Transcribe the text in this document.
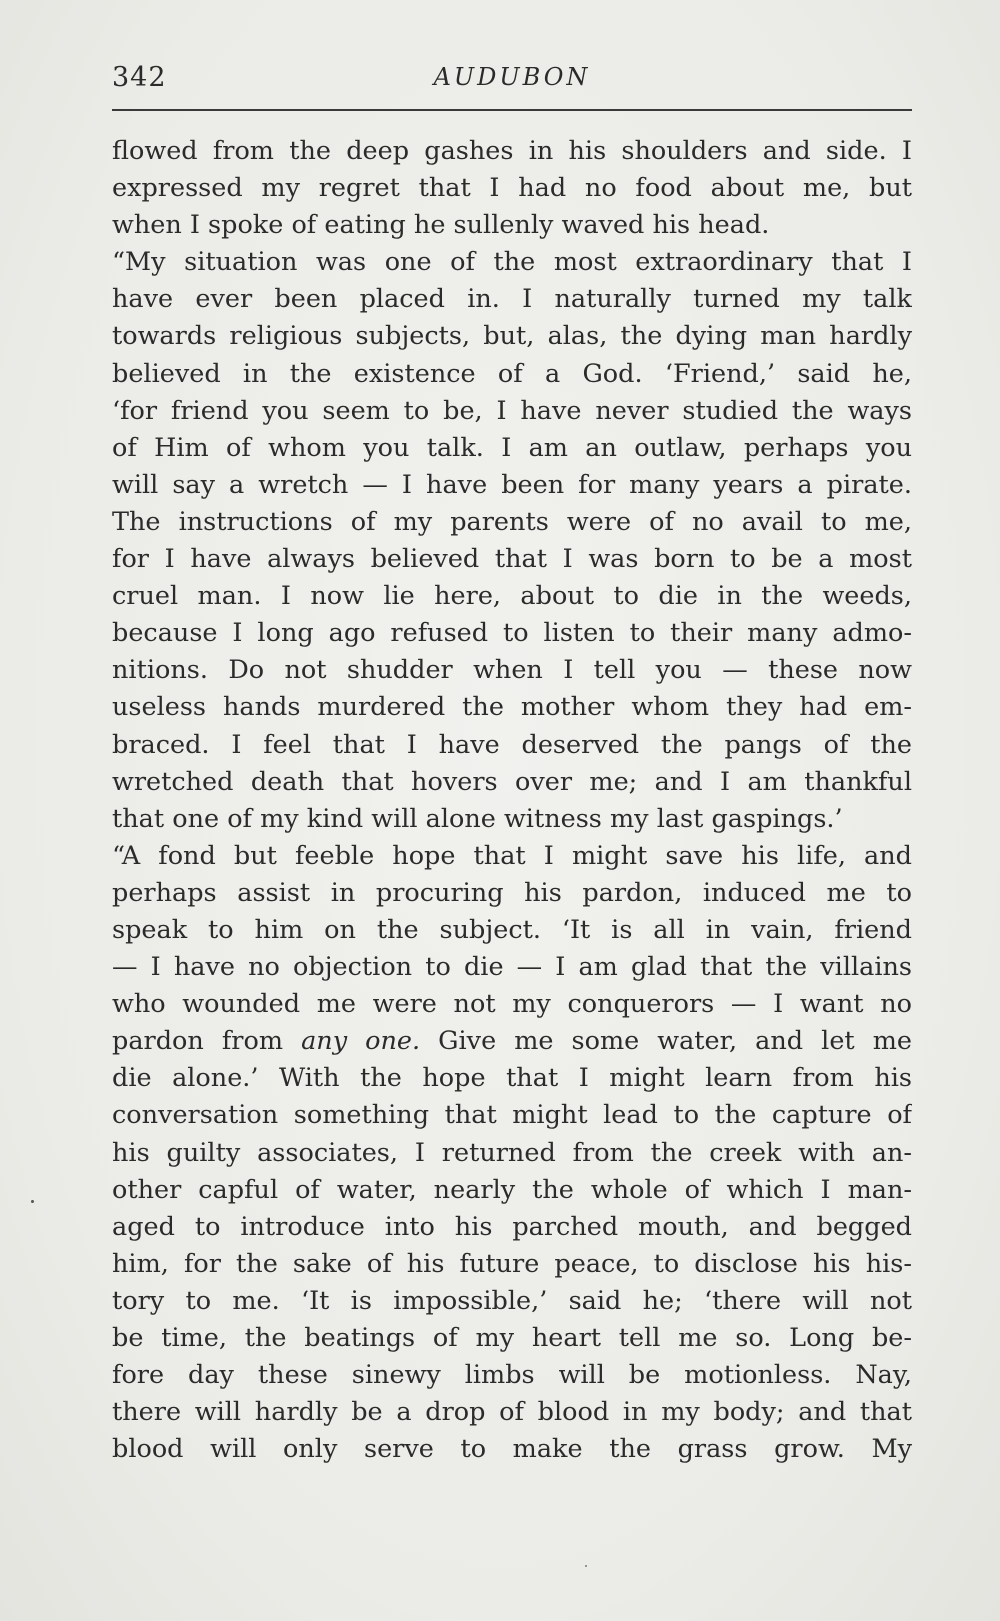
342	AUDUBON
flowed from the deep gashes in his shoulders and side. I
expressed my regret that I had no food about me, but
when I spoke of eating he sullenly waved his head.
“My situation was one of the most extraordinary that I
have ever been placed in. I naturally turned my talk
towards religious subjects, but, alas, the dying man hardly
believed in the existence of a God. ‘Friend,’ said he,
‘for friend you seem to be, I have never studied the ways
of Him of whom you talk. I am an outlaw, perhaps you
will say a wretch — I have been for many years a pirate.
The instructions of my parents were of no avail to me,
for I have always believed that I was born to be a most
cruel man. I now lie here, about to die in the weeds,
because I long ago refused to listen to their many admo-
nitions. Do not shudder when I tell you — these now
useless hands murdered the mother whom they had em-
braced. I feel that I have deserved the pangs of the
wretched death that hovers over me; and I am thankful
that one of my kind will alone witness my last gaspings.’
“A fond but feeble hope that I might save his life, and
perhaps assist in procuring his pardon, induced me to
speak to him on the subject. ‘It is all in vain, friend
— I have no objection to die — I am glad that the villains
who wounded me were not my conquerors — I want no
pardon from any one. Give me some water, and let me
die alone.’ With the hope that I might learn from his
conversation something that might lead to the capture of
his guilty associates, I returned from the creek with an-
other capful of water, nearly the whole of which I man-
aged to introduce into his parched mouth, and begged
him, for the sake of his future peace, to disclose his his-
tory to me. ‘It is impossible,’ said he; ‘there will not
be time, the beatings of my heart tell me so. Long be-
fore day these sinewy limbs will be motionless. Nay,
there will hardly be a drop of blood in my body; and that
blood will only serve to make the grass grow. My
